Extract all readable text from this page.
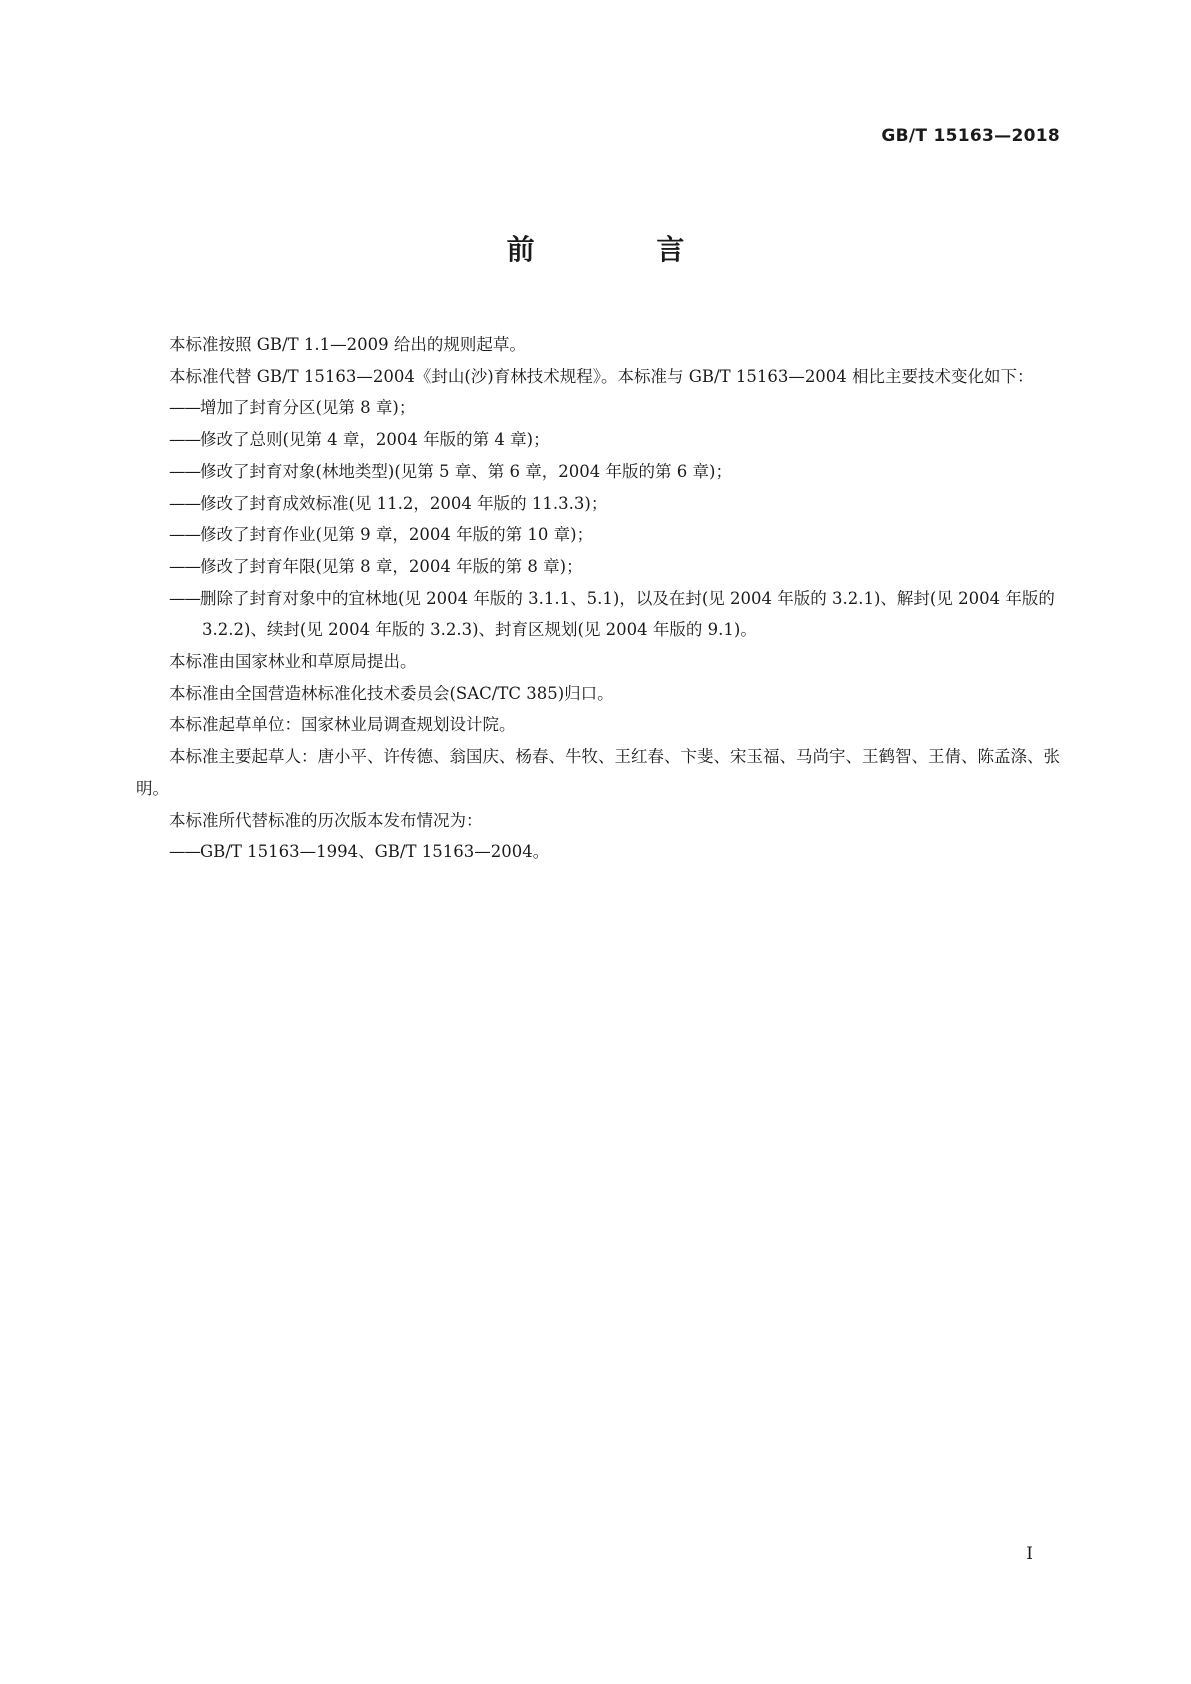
GB/T 15163—2018
前 言

本标准按照 GB/T 1.1—2009 给出的规则起草。

本标准代替 GB/T 15163—2004《封山(沙)育林技术规程》。本标准与 GB/T 15163—2004 相比主要技术变化如下：

——增加了封育分区(见第 8 章)；

——修改了总则(见第 4 章，2004 年版的第 4 章)；

——修改了封育对象(林地类型)(见第 5 章、第 6 章，2004 年版的第 6 章)；

——修改了封育成效标准(见 11.2，2004 年版的 11.3.3)；

——修改了封育作业(见第 9 章，2004 年版的第 10 章)；

——修改了封育年限(见第 8 章，2004 年版的第 8 章)；

——删除了封育对象中的宜林地(见 2004 年版的 3.1.1、5.1)，以及在封(见 2004 年版的 3.2.1)、解封(见 2004 年版的 3.2.2)、续封(见 2004 年版的 3.2.3)、封育区规划(见 2004 年版的 9.1)。

本标准由国家林业和草原局提出。

本标准由全国营造林标准化技术委员会(SAC/TC 385)归口。

本标准起草单位：国家林业局调查规划设计院。

本标准主要起草人：唐小平、许传德、翁国庆、杨春、牛牧、王红春、卞斐、宋玉福、马尚宇、王鹤智、王倩、陈孟涤、张明。

本标准所代替标准的历次版本发布情况为：

——GB/T 15163—1994、GB/T 15163—2004。

I
